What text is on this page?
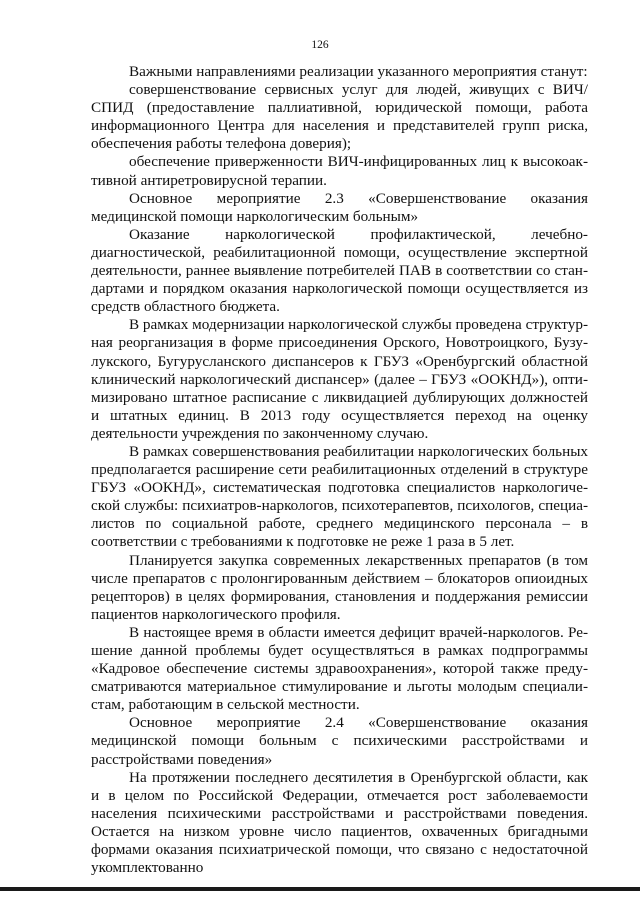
126

Важными направлениями реализации указанного мероприятия станут:

совершенствование сервисных услуг для людей, живущих с ВИЧ/СПИД (предоставление паллиативной, юридической помощи, работа информационного Центра для населения и представителей групп риска, обеспечения работы телефона доверия);

обеспечение приверженности ВИЧ-инфицированных лиц к высокоактивной антиретровирусной терапии.

Основное мероприятие 2.3 «Совершенствование оказания медицинской помощи наркологическим больным»

Оказание наркологической профилактической, лечебно-диагностической, реабилитационной помощи, осуществление экспертной деятельности, раннее выявление потребителей ПАВ в соответствии со стандартами и порядком оказания наркологической помощи осуществляется из средств областного бюджета.

В рамках модернизации наркологической службы проведена структурная реорганизация в форме присоединения Орского, Новотроицкого, Бузулукского, Бугурусланского диспансеров к ГБУЗ «Оренбургский областной клинический наркологический диспансер» (далее – ГБУЗ «ООКНД»), оптимизировано штатное расписание с ликвидацией дублирующих должностей и штатных единиц. В 2013 году осуществляется переход на оценку деятельности учреждения по законченному случаю.

В рамках совершенствования реабилитации наркологических больных предполагается расширение сети реабилитационных отделений в структуре ГБУЗ «ООКНД», систематическая подготовка специалистов наркологической службы: психиатров-наркологов, психотерапевтов, психологов, специалистов по социальной работе, среднего медицинского персонала – в соответствии с требованиями к подготовке не реже 1 раза в 5 лет.

Планируется закупка современных лекарственных препаратов (в том числе препаратов с пролонгированным действием – блокаторов опиоидных рецепторов) в целях формирования, становления и поддержания ремиссии пациентов наркологического профиля.

В настоящее время в области имеется дефицит врачей-наркологов. Решение данной проблемы будет осуществляться в рамках подпрограммы «Кадровое обеспечение системы здравоохранения», которой также предусматриваются материальное стимулирование и льготы молодым специалистам, работающим в сельской местности.

Основное мероприятие 2.4 «Совершенствование оказания медицинской помощи больным с психическими расстройствами и расстройствами поведения»

На протяжении последнего десятилетия в Оренбургской области, как и в целом по Российской Федерации, отмечается рост заболеваемости населения психическими расстройствами и расстройствами поведения. Остается на низком уровне число пациентов, охваченных бригадными формами оказания психиатрической помощи, что связано с недостаточной укомплектованно
